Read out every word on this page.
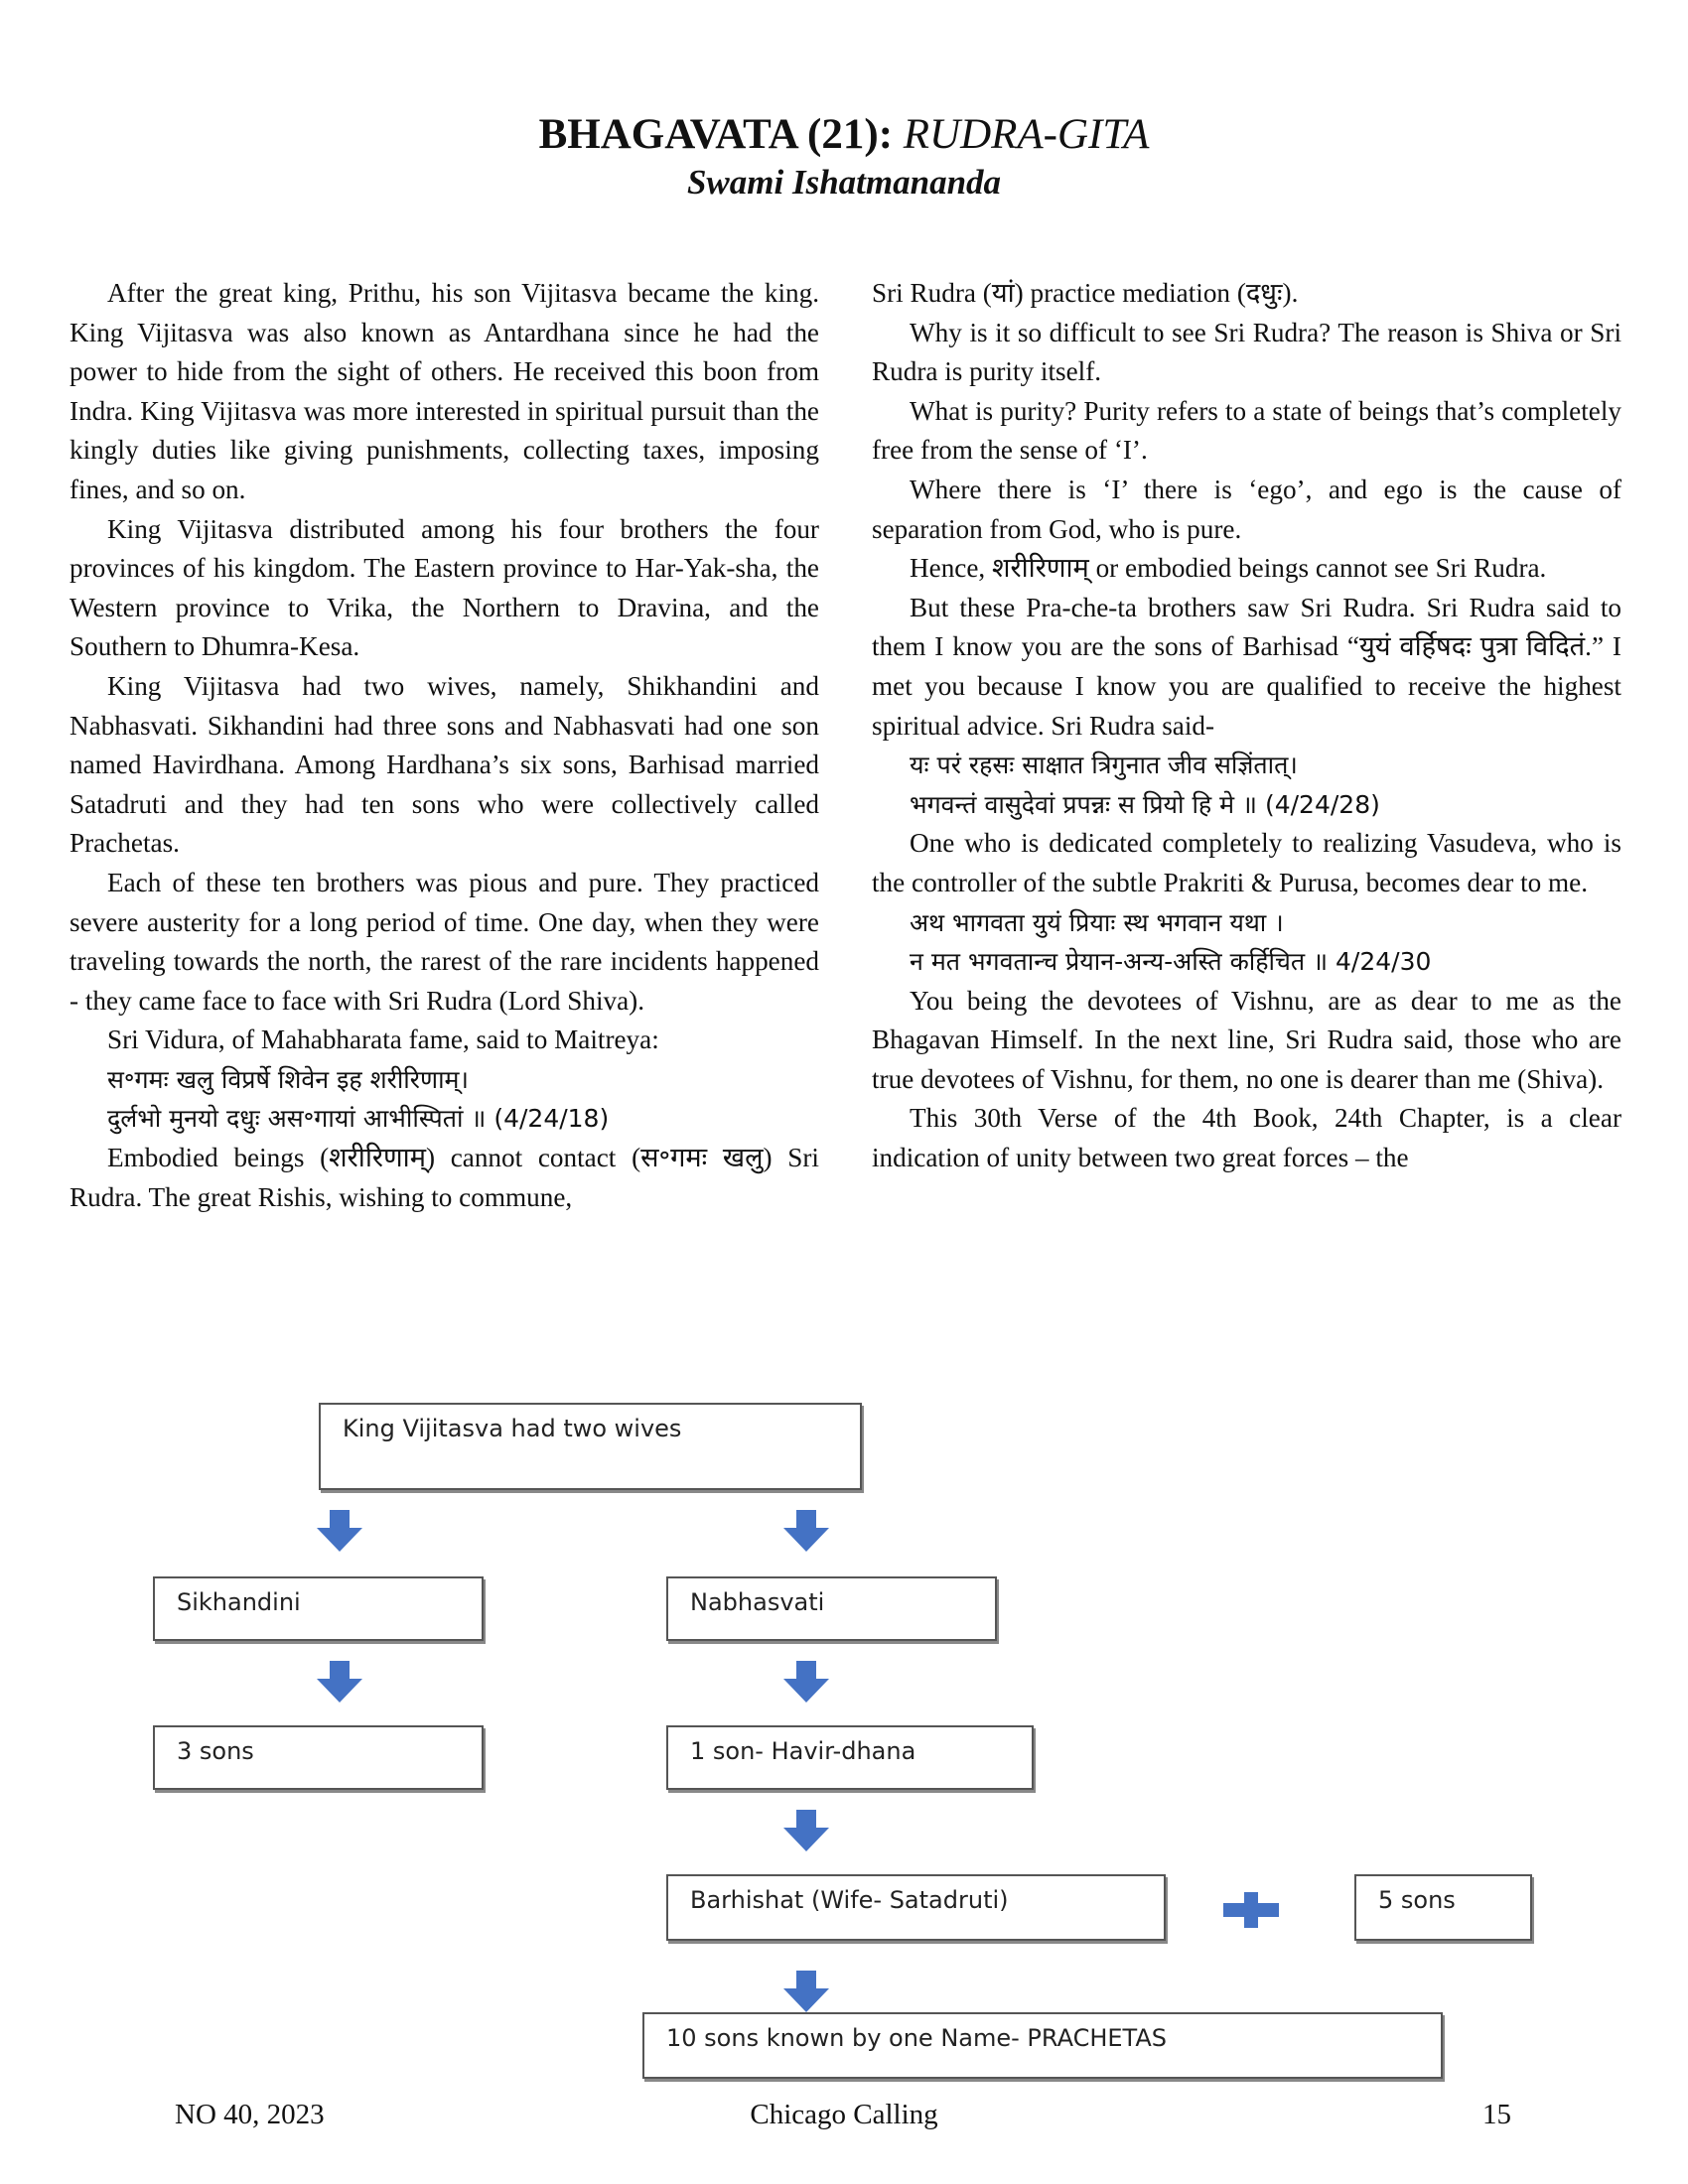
BHAGAVATA (21): RUDRA-GITA
Swami Ishatmananda

After the great king, Prithu, his son Vijitasva became the king. King Vijitasva was also known as Antardhana since he had the power to hide from the sight of others. He received this boon from Indra. King Vijitasva was more interested in spiritual pursuit than the kingly duties like giving punishments, collecting taxes, imposing fines, and so on.

King Vijitasva distributed among his four brothers the four provinces of his kingdom. The Eastern province to Har-Yak-sha, the Western province to Vrika, the Northern to Dravina, and the Southern to Dhumra-Kesa.

King Vijitasva had two wives, namely, Shikhandini and Nabhasvati. Sikhandini had three sons and Nabhasvati had one son named Havirdhana. Among Hardhana’s six sons, Barhisad married Satadruti and they had ten sons who were collectively called Prachetas.

Each of these ten brothers was pious and pure. They practiced severe austerity for a long period of time. One day, when they were traveling towards the north, the rarest of the rare incidents happened - they came face to face with Sri Rudra (Lord Shiva).

Sri Vidura, of Mahabharata fame, said to Maitreya:

स॰गमः खलु विप्रर्षे शिवेन इह शरीरिणाम्।

दुर्लभो मुनयो दधुः अस॰गायां आभीस्पितां ॥ (4/24/18)

Embodied beings (शरीरिणाम्) cannot contact (स॰गमः खलु) Sri Rudra. The great Rishis, wishing to commune,

Sri Rudra (यां) practice mediation (दधुः).

Why is it so difficult to see Sri Rudra? The reason is Shiva or Sri Rudra is purity itself.

What is purity? Purity refers to a state of beings that’s completely free from the sense of ‘I’.

Where there is ‘I’ there is ‘ego’, and ego is the cause of separation from God, who is pure.

Hence, शरीरिणाम् or embodied beings cannot see Sri Rudra.

But these Pra-che-ta brothers saw Sri Rudra. Sri Rudra said to them I know you are the sons of Barhisad “युयं वर्हिषदः पुत्रा विदितं.” I met you because I know you are qualified to receive the highest spiritual advice. Sri Rudra said-

यः परं रहसः साक्षात त्रिगुनात जीव सज्ञिंतात्।

भगवन्तं वासुदेवां प्रपन्नः स प्रियो हि मे ॥ (4/24/28)

One who is dedicated completely to realizing Vasudeva, who is the controller of the subtle Prakriti & Purusa, becomes dear to me.

अथ भागवता युयं प्रियाः स्थ भगवान यथा ।

न मत भगवतान्च प्रेयान-अन्य-अस्ति कर्हिचित ॥ 4/24/30

You being the devotees of Vishnu, are as dear to me as the Bhagavan Himself. In the next line, Sri Rudra said, those who are true devotees of Vishnu, for them, no one is dearer than me (Shiva).

This 30th Verse of the 4th Book, 24th Chapter, is a clear indication of unity between two great forces – the

King Vijitasva had two wives
Sikhandini	Nabhasvati
3 sons	1 son- Havir-dhana
Barhishat (Wife- Satadruti)	5 sons
10 sons known by one Name- PRACHETAS
NO 40, 2023	Chicago Calling	15
